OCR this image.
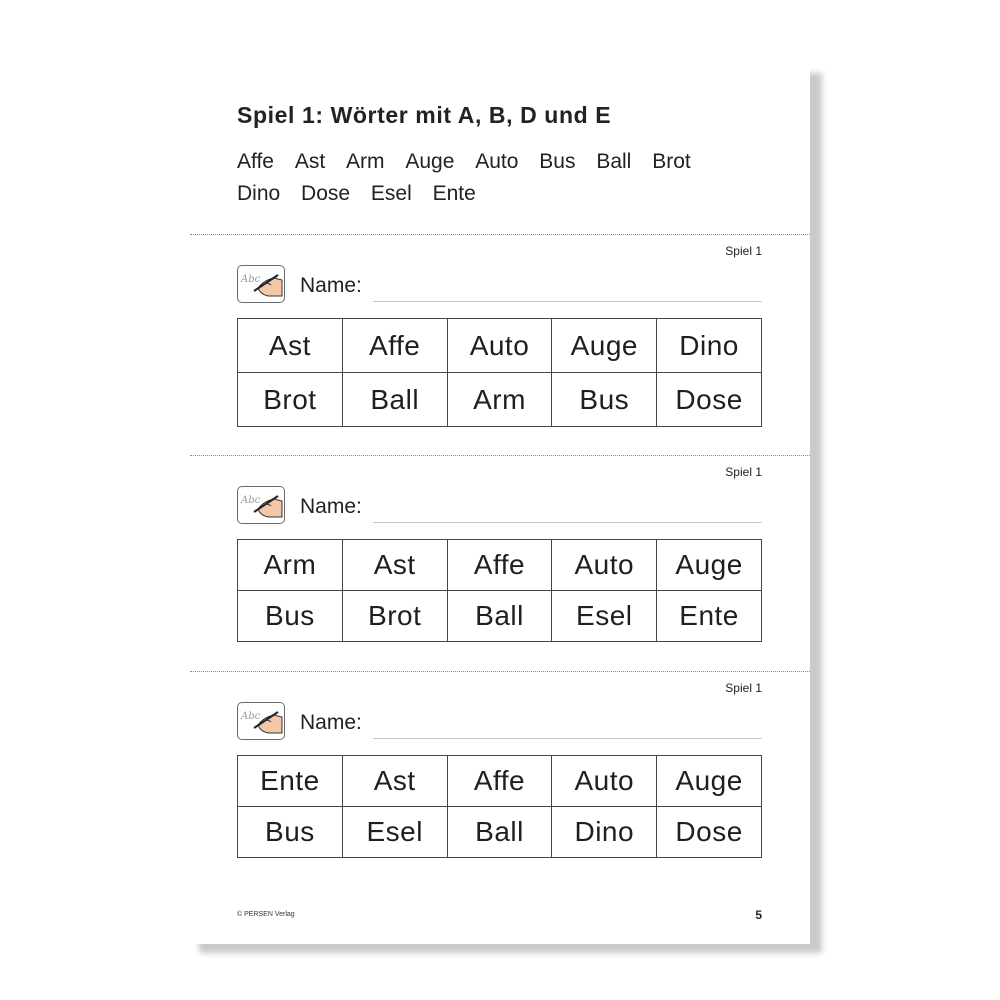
Spiel 1: Wörter mit A, B, D und E
Affe Ast Arm Auge Auto Bus Ball Brot Dino Dose Esel Ente
Spiel 1
Abc Name:
Ast	Affe	Auto	Auge	Dino
Brot	Ball	Arm	Bus	Dose
Spiel 1
Abc Name:
Arm	Ast	Affe	Auto	Auge
Bus	Brot	Ball	Esel	Ente
Spiel 1
Abc Name:
Ente	Ast	Affe	Auto	Auge
Bus	Esel	Ball	Dino	Dose
© PERSEN Verlag	5
